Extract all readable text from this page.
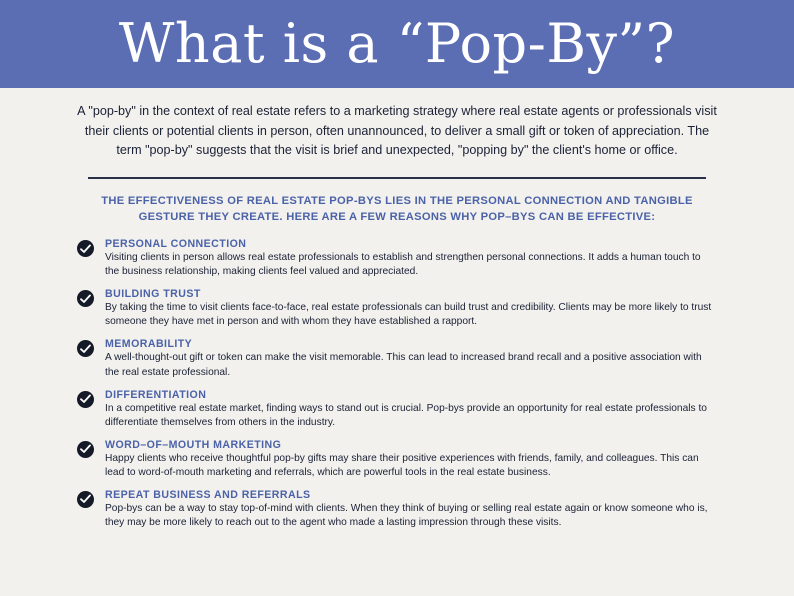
What is a “Pop-By”?
A "pop-by" in the context of real estate refers to a marketing strategy where real estate agents or professionals visit their clients or potential clients in person, often unannounced, to deliver a small gift or token of appreciation. The term "pop-by" suggests that the visit is brief and unexpected, "popping by" the client's home or office.
THE EFFECTIVENESS OF REAL ESTATE POP-BYS LIES IN THE PERSONAL CONNECTION AND TANGIBLE GESTURE THEY CREATE. HERE ARE A FEW REASONS WHY POP–BYS CAN BE EFFECTIVE:
PERSONAL CONNECTION
Visiting clients in person allows real estate professionals to establish and strengthen personal connections. It adds a human touch to the business relationship, making clients feel valued and appreciated.
BUILDING TRUST
By taking the time to visit clients face-to-face, real estate professionals can build trust and credibility. Clients may be more likely to trust someone they have met in person and with whom they have established a rapport.
MEMORABILITY
A well-thought-out gift or token can make the visit memorable. This can lead to increased brand recall and a positive association with the real estate professional.
DIFFERENTIATION
In a competitive real estate market, finding ways to stand out is crucial. Pop-bys provide an opportunity for real estate professionals to differentiate themselves from others in the industry.
WORD–OF–MOUTH MARKETING
Happy clients who receive thoughtful pop-by gifts may share their positive experiences with friends, family, and colleagues. This can lead to word-of-mouth marketing and referrals, which are powerful tools in the real estate business.
REPEAT BUSINESS AND REFERRALS
Pop-bys can be a way to stay top-of-mind with clients. When they think of buying or selling real estate again or know someone who is, they may be more likely to reach out to the agent who made a lasting impression through these visits.
